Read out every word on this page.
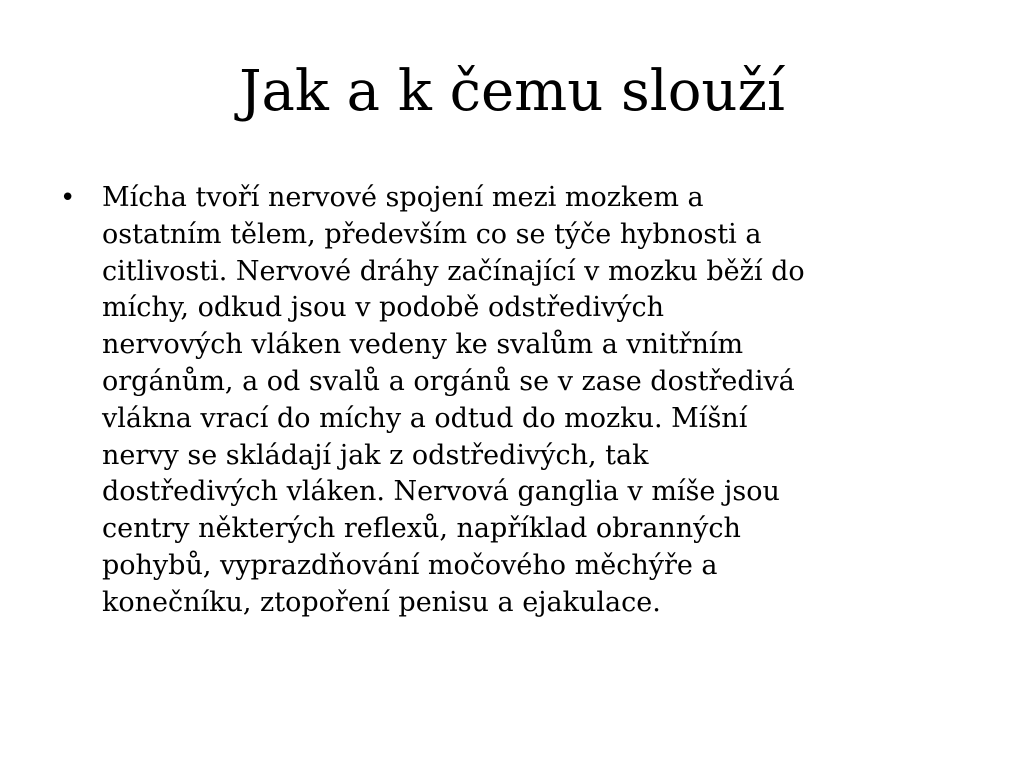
Jak a k čemu slouží
• Mícha tvoří nervové spojení mezi mozkem a
ostatním tělem, především co se týče hybnosti a
citlivosti. Nervové dráhy začínající v mozku běží do
míchy, odkud jsou v podobě odstředivých
nervových vláken vedeny ke svalům a vnitřním
orgánům, a od svalů a orgánů se v zase dostředivá
vlákna vrací do míchy a odtud do mozku. Míšní
nervy se skládají jak z odstředivých, tak
dostředivých vláken. Nervová ganglia v míše jsou
centry některých reflexů, například obranných
pohybů, vyprazdňování močového měchýře a
konečníku, ztopoření penisu a ejakulace.
